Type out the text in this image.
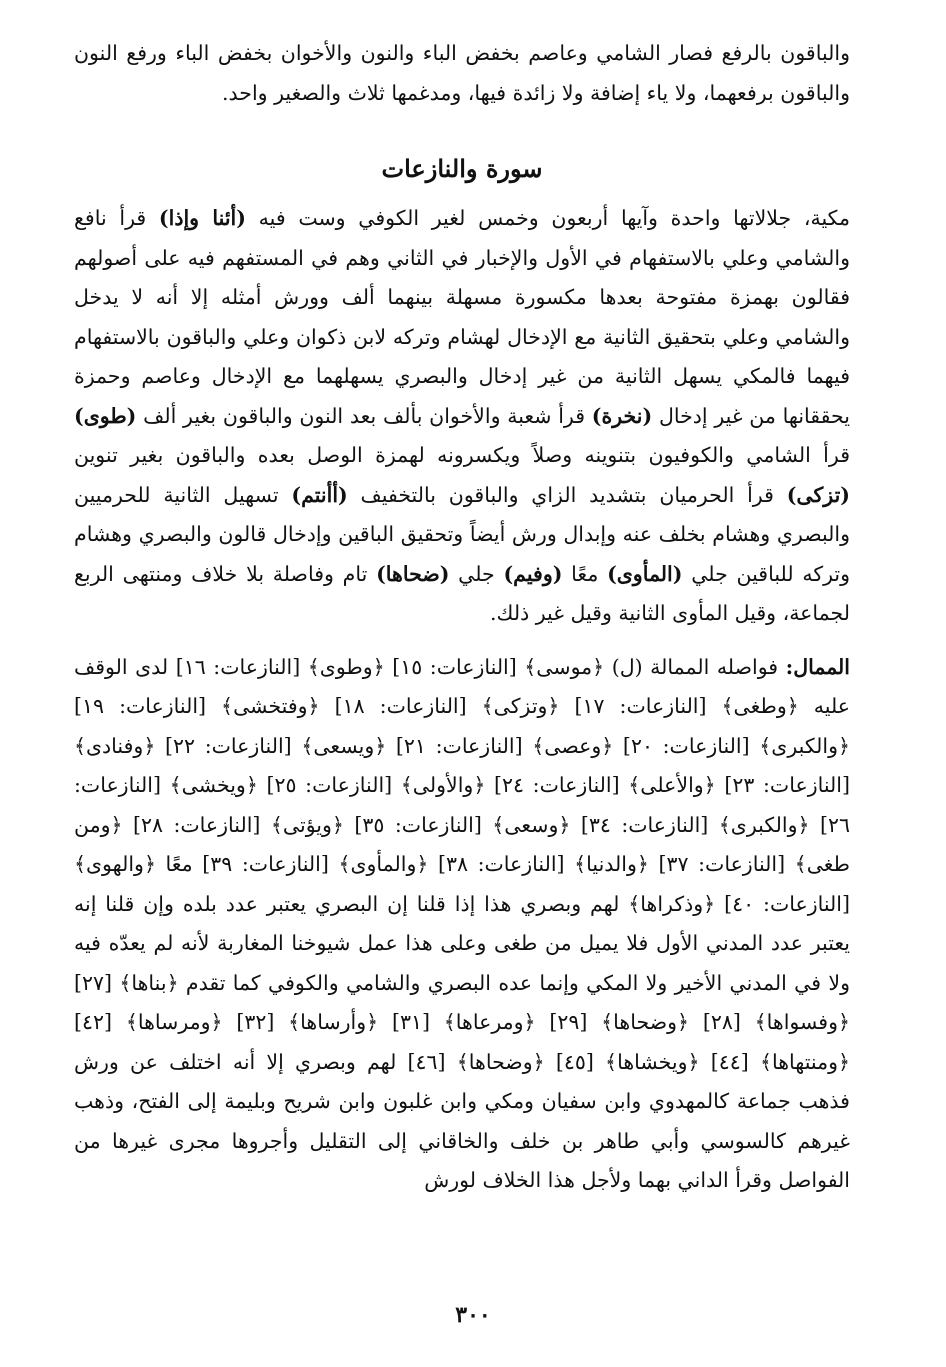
والباقون بالرفع فصار الشامي وعاصم بخفض الباء والنون والأخوان بخفض الباء ورفع النون والباقون برفعهما، ولا ياء إضافة ولا زائدة فيها، ومدغمها ثلاث والصغير واحد.

سورة والنازعات

مكية، جلالاتها واحدة وآيها أربعون وخمس لغير الكوفي وست فيه (أئنا وإذا) قرأ نافع والشامي وعلي بالاستفهام في الأول والإخبار في الثاني وهم في المستفهم فيه على أصولهم فقالون بهمزة مفتوحة بعدها مكسورة مسهلة بينهما ألف وورش أمثله إلا أنه لا يدخل والشامي وعلي بتحقيق الثانية مع الإدخال لهشام وتركه لابن ذكوان وعلي والباقون بالاستفهام فيهما فالمكي يسهل الثانية من غير إدخال والبصري يسهلهما مع الإدخال وعاصم وحمزة يحققانها من غير إدخال (نخرة) قرأ شعبة والأخوان بألف بعد النون والباقون بغير ألف (طوى) قرأ الشامي والكوفيون بتنوينه وصلاً ويكسرونه لهمزة الوصل بعده والباقون بغير تنوين (تزكى) قرأ الحرميان بتشديد الزاي والباقون بالتخفيف (أأنتم) تسهيل الثانية للحرميين والبصري وهشام بخلف عنه وإبدال ورش أيضاً وتحقيق الباقين وإدخال قالون والبصري وهشام وتركه للباقين جلي (المأوى) معًا (وفيم) جلي (ضحاها) تام وفاصلة بلا خلاف ومنتهى الربع لجماعة، وقيل المأوى الثانية وقيل غير ذلك.

الممال: فواصله الممالة (ل) ﴿موسى﴾ [النازعات: ١٥] ﴿وطوى﴾ [النازعات: ١٦] لدى الوقف عليه ﴿وطغى﴾ [النازعات: ١٧] ﴿وتزكى﴾ [النازعات: ١٨] ﴿وفتخشى﴾ [النازعات: ١٩] ﴿والكبرى﴾ [النازعات: ٢٠] ﴿وعصى﴾ [النازعات: ٢١] ﴿ويسعى﴾ [النازعات: ٢٢] ﴿وفنادى﴾ [النازعات: ٢٣] ﴿والأعلى﴾ [النازعات: ٢٤] ﴿والأولى﴾ [النازعات: ٢٥] ﴿ويخشى﴾ [النازعات: ٢٦] ﴿والكبرى﴾ [النازعات: ٣٤] ﴿وسعى﴾ [النازعات: ٣٥] ﴿ويؤتى﴾ [النازعات: ٢٨] ﴿ومن طغى﴾ [النازعات: ٣٧] ﴿والدنيا﴾ [النازعات: ٣٨] ﴿والمأوى﴾ [النازعات: ٣٩] معًا ﴿والهوى﴾ [النازعات: ٤٠] ﴿وذكراها﴾ لهم وبصري هذا إذا قلنا إن البصري يعتبر عدد بلده وإن قلنا إنه يعتبر عدد المدني الأول فلا يميل من طغى وعلى هذا عمل شيوخنا المغاربة لأنه لم يعدّه فيه ولا في المدني الأخير ولا المكي وإنما عده البصري والشامي والكوفي كما تقدم ﴿بناها﴾ [٢٧] ﴿وفسواها﴾ [٢٨] ﴿وضحاها﴾ [٢٩] ﴿ومرعاها﴾ [٣١] ﴿وأرساها﴾ [٣٢] ﴿ومرساها﴾ [٤٢] ﴿ومنتهاها﴾ [٤٤] ﴿ويخشاها﴾ [٤٥] ﴿وضحاها﴾ [٤٦] لهم وبصري إلا أنه اختلف عن ورش فذهب جماعة كالمهدوي وابن سفيان ومكي وابن غلبون وابن شريح وبليمة إلى الفتح، وذهب غيرهم كالسوسي وأبي طاهر بن خلف والخاقاني إلى التقليل وأجروها مجرى غيرها من الفواصل وقرأ الداني بهما ولأجل هذا الخلاف لورش

٣٠٠
